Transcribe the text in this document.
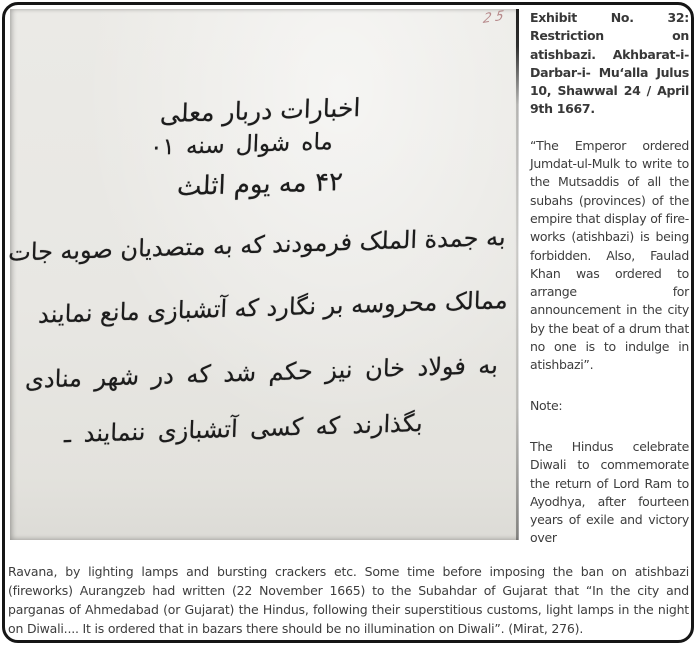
25
اخبارات دربار معلی
ماه شوال سنه ۱۰
۲۴ مه یوم اثلث
به جمدة الملک فرمودند که به متصدیان صوبه جات
ممالک محروسه بر نگارد که آتشبازی مانع نمایند
به فولاد خان نیز حکم شد که در شهر منادی
بگذارند که کسی آتشبازی ننمایند ـ
Exhibit No. 32: Restriction on atishbazi. Akhbarat-i-Darbar-i- Mu‘alla Julus 10, Shawwal 24 / April 9th 1667.
“The Emperor ordered Jumdat-ul-Mulk to write to the Mutsaddis of all the subahs (provinces) of the empire that display of fire-works (atishbazi) is being forbidden. Also, Faulad Khan was ordered to arrange for announcement in the city by the beat of a drum that no one is to indulge in atishbazi”.
Note:
The Hindus celebrate Diwali to commemorate the return of Lord Ram to Ayodhya, after fourteen years of exile and victory over
Ravana, by lighting lamps and bursting crackers etc. Some time before imposing the ban on atishbazi (fireworks) Aurangzeb had written (22 November 1665) to the Subahdar of Gujarat that “In the city and parganas of Ahmedabad (or Gujarat) the Hindus, following their superstitious customs, light lamps in the night on Diwali.... It is ordered that in bazars there should be no illumination on Diwali”. (Mirat, 276).
